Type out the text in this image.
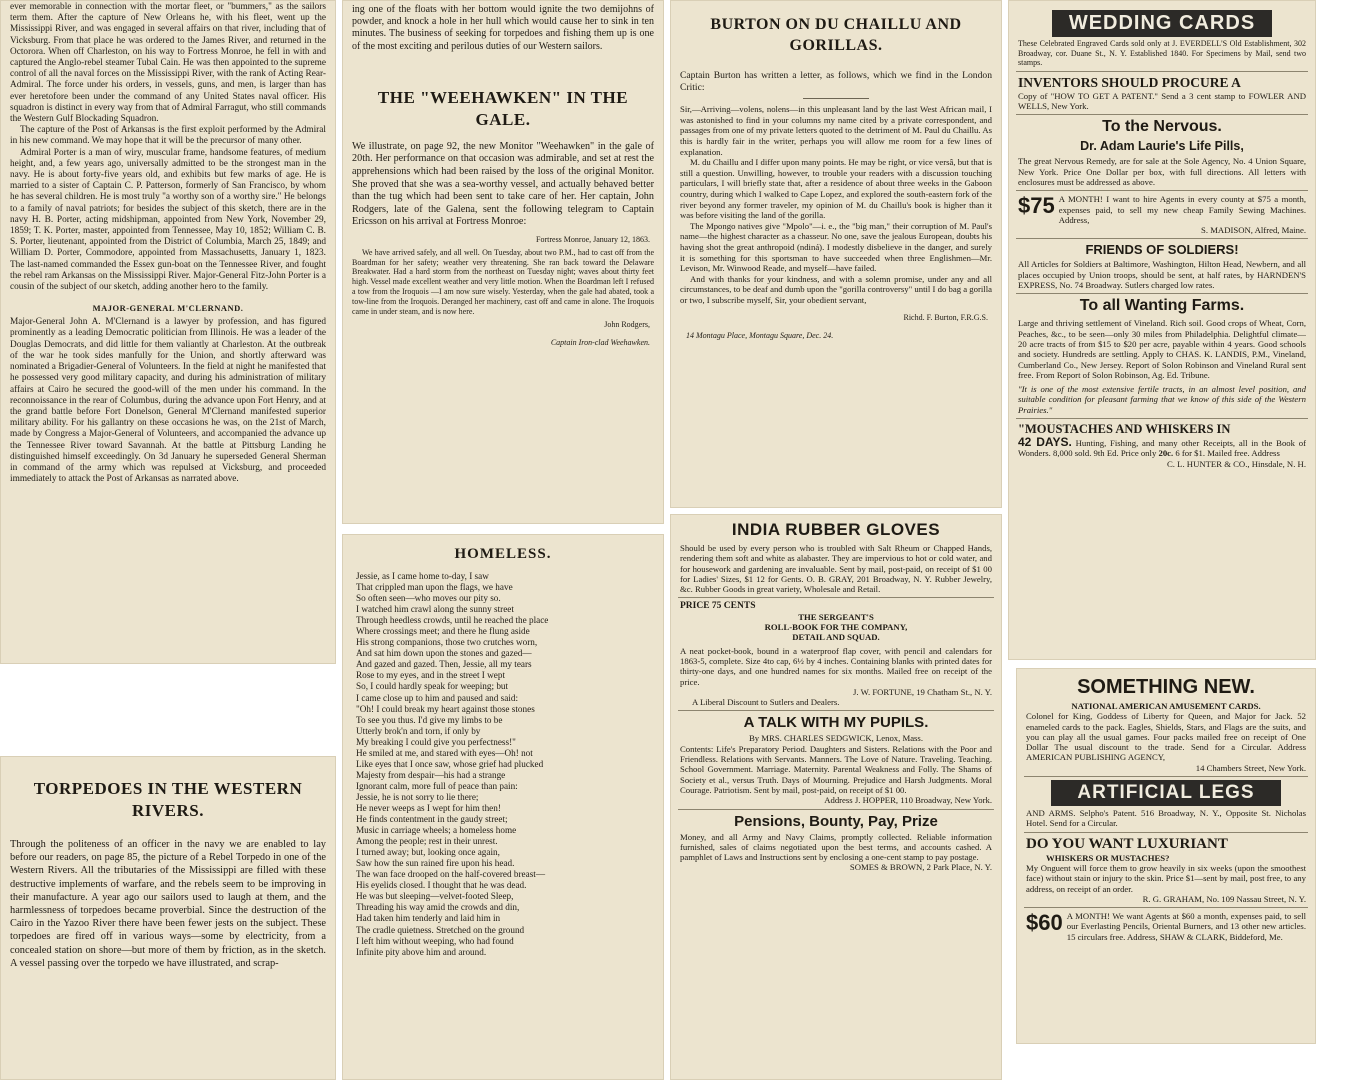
ever memorable in connection with the mortar fleet, or "bummers," as the sailors term them. After the capture of New Orleans he, with his fleet, went up the Mississippi River, and was engaged in several affairs on that river, including that of Vicksburg. From that place he was ordered to the James River, and returned in the Octorora. When off Charleston, on his way to Fortress Monroe, he fell in with and captured the Anglo-rebel steamer Tubal Cain. He was then appointed to the supreme control of all the naval forces on the Mississippi River, with the rank of Acting Rear-Admiral. The force under his orders, in vessels, guns, and men, is larger than has ever heretofore been under the command of any United States naval officer. His squadron is distinct in every way from that of Admiral Farragut, who still commands the Western Gulf Blockading Squadron.

The capture of the Post of Arkansas is the first exploit performed by the Admiral in his new command. We may hope that it will be the precursor of many other.

Admiral Porter is a man of wiry, muscular frame, handsome features, of medium height, and, a few years ago, universally admitted to be the strongest man in the navy. He is about forty-five years old, and exhibits but few marks of age. He is married to a sister of Captain C. P. Patterson, formerly of San Francisco, by whom he has several children. He is most truly "a worthy son of a worthy sire." He belongs to a family of naval patriots; for besides the subject of this sketch, there are in the navy H. B. Porter, acting midshipman, appointed from New York, November 29, 1859; T. K. Porter, master, appointed from Tennessee, May 10, 1852; William C. B. S. Porter, lieutenant, appointed from the District of Columbia, March 25, 1849; and William D. Porter, Commodore, appointed from Massachusetts, January 1, 1823. The last-named commanded the Essex gun-boat on the Tennessee River, and fought the rebel ram Arkansas on the Mississippi River. Major-General Fitz-John Porter is a cousin of the subject of our sketch, adding another hero to the family.

MAJOR-GENERAL M'CLERNAND.

Major-General John A. M'Clernand is a lawyer by profession, and has figured prominently as a leading Democratic politician from Illinois. He was a leader of the Douglas Democrats, and did little for them valiantly at Charleston. At the outbreak of the war he took sides manfully for the Union, and shortly afterward was nominated a Brigadier-General of Volunteers. In the field at night he manifested that he possessed very good military capacity, and during his administration of military affairs at Cairo he secured the good-will of the men under his command. In the reconnoissance in the rear of Columbus, during the advance upon Fort Henry, and at the grand battle before Fort Donelson, General M'Clernand manifested superior military ability. For his gallantry on these occasions he was, on the 21st of March, made by Congress a Major-General of Volunteers, and accompanied the advance up the Tennessee River toward Savannah. At the battle at Pittsburg Landing he distinguished himself exceedingly. On 3d January he superseded General Sherman in command of the army which was repulsed at Vicksburg, and proceeded immediately to attack the Post of Arkansas as narrated above.

TORPEDOES IN THE WESTERN RIVERS.

Through the politeness of an officer in the navy we are enabled to lay before our readers, on page 85, the picture of a Rebel Torpedo in one of the Western Rivers. All the tributaries of the Mississippi are filled with these destructive implements of warfare, and the rebels seem to be improving in their manufacture. A year ago our sailors used to laugh at them, and the harmlessness of torpedoes became proverbial. Since the destruction of the Cairo in the Yazoo River there have been fewer jests on the subject. These torpedoes are fired off in various ways—some by electricity, from a concealed station on shore—but more of them by friction, as in the sketch. A vessel passing over the torpedo we have illustrated, and scrap-

ing one of the floats with her bottom would ignite the two demijohns of powder, and knock a hole in her hull which would cause her to sink in ten minutes. The business of seeking for torpedoes and fishing them up is one of the most exciting and perilous duties of our Western sailors.

THE "WEEHAWKEN" IN THE GALE.

We illustrate, on page 92, the new Monitor "Weehawken" in the gale of 20th. Her performance on that occasion was admirable, and set at rest the apprehensions which had been raised by the loss of the original Monitor. She proved that she was a sea-worthy vessel, and actually behaved better than the tug which had been sent to take care of her. Her captain, John Rodgers, late of the Galena, sent the following telegram to Captain Ericsson on his arrival at Fortress Monroe:

Fortress Monroe, January 12, 1863.

We have arrived safely, and all well. On Tuesday, about two P.M., had to cast off from the Boardman for her safety; weather very threatening. She ran back toward the Delaware Breakwater. Had a hard storm from the northeast on Tuesday night; waves about thirty feet high. Vessel made excellent weather and very little motion. When the Boardman left I refused a tow from the Iroquois —I am now sure wisely. Yesterday, when the gale had abated, took a tow-line from the Iroquois. Deranged her machinery, cast off and came in alone. The Iroquois came in under steam, and is now here.

John Rodgers,

Captain Iron-clad Weehawken.

HOMELESS.

Jessie, as I came home to-day, I saw

That crippled man upon the flags, we have

So often seen—who moves our pity so.

I watched him crawl along the sunny street

Through heedless crowds, until he reached the place

Where crossings meet; and there he flung aside

His strong companions, those two crutches worn,

And sat him down upon the stones and gazed—

And gazed and gazed. Then, Jessie, all my tears

Rose to my eyes, and in the street I wept

So, I could hardly speak for weeping; but

I came close up to him and paused and said:

"Oh! I could break my heart against those stones

To see you thus. I'd give my limbs to be

Utterly brok'n and torn, if only by

My breaking I could give you perfectness!"

He smiled at me, and stared with eyes—Oh! not

Like eyes that I once saw, whose grief had plucked

Majesty from despair—his had a strange

Ignorant calm, more full of peace than pain:

Jessie, he is not sorry to lie there;

He never weeps as I wept for him then!

He finds contentment in the gaudy street;

Music in carriage wheels; a homeless home

Among the people; rest in their unrest.

I turned away; but, looking once again,

Saw how the sun rained fire upon his head.

The wan face drooped on the half-covered breast—

His eyelids closed. I thought that he was dead.

He was but sleeping—velvet-footed Sleep,

Threading his way amid the crowds and din,

Had taken him tenderly and laid him in

The cradle quietness. Stretched on the ground

I left him without weeping, who had found

Infinite pity above him and around.

BURTON ON DU CHAILLU AND GORILLAS.

Captain Burton has written a letter, as follows, which we find in the London Critic:

Sir,—Arriving—volens, nolens—in this unpleasant land by the last West African mail, I was astonished to find in your columns my name cited by a private correspondent, and passages from one of my private letters quoted to the detriment of M. Paul du Chaillu. As this is hardly fair in the writer, perhaps you will allow me room for a few lines of explanation.

M. du Chaillu and I differ upon many points. He may be right, or vice versâ, but that is still a question. Unwilling, however, to trouble your readers with a discussion touching particulars, I will briefly state that, after a residence of about three weeks in the Gaboon country, during which I walked to Cape Lopez, and explored the south-eastern fork of the river beyond any former traveler, my opinion of M. du Chaillu's book is higher than it was before visiting the land of the gorilla.

The Mpongo natives give "Mpolo"—i. e., the "big man," their corruption of M. Paul's name—the highest character as a chasseur. No one, save the jealous European, doubts his having shot the great anthropoid (ndiná). I modestly disbelieve in the danger, and surely it is something for this sportsman to have succeeded when three Englishmen—Mr. Levison, Mr. Winwood Reade, and myself—have failed.

And with thanks for your kindness, and with a solemn promise, under any and all circumstances, to be deaf and dumb upon the "gorilla controversy" until I do bag a gorilla or two, I subscribe myself, Sir, your obedient servant,

Richd. F. Burton, F.R.G.S.

14 Montagu Place, Montagu Square, Dec. 24.

INDIA RUBBER GLOVES

Should be used by every person who is troubled with Salt Rheum or Chapped Hands, rendering them soft and white as alabaster. They are impervious to hot or cold water, and for housework and gardening are invaluable. Sent by mail, post-paid, on receipt of $1 00 for Ladies' Sizes, $1 12 for Gents. O. B. GRAY, 201 Broadway, N. Y. Rubber Jewelry, &c. Rubber Goods in great variety, Wholesale and Retail.

PRICE 75 CENTS

THE SERGEANT'S

ROLL-BOOK FOR THE COMPANY,

DETAIL AND SQUAD.

A neat pocket-book, bound in a waterproof flap cover, with pencil and calendars for 1863-5, complete. Size 4to cap, 6½ by 4 inches. Containing blanks with printed dates for thirty-one days, and one hundred names for six months. Mailed free on receipt of the price.

J. W. FORTUNE, 19 Chatham St., N. Y.

A Liberal Discount to Sutlers and Dealers.

A TALK WITH MY PUPILS.

By MRS. CHARLES SEDGWICK, Lenox, Mass.

Contents: Life's Preparatory Period. Daughters and Sisters. Relations with the Poor and Friendless. Relations with Servants. Manners. The Love of Nature. Traveling. Teaching. School Government. Marriage. Maternity. Parental Weakness and Folly. The Shams of Society et al., versus Truth. Days of Mourning. Prejudice and Harsh Judgments. Moral Courage. Patriotism. Sent by mail, post-paid, on receipt of $1 00.

Address J. HOPPER, 110 Broadway, New York.

Pensions, Bounty, Pay, Prize

Money, and all Army and Navy Claims, promptly collected. Reliable information furnished, sales of claims negotiated upon the best terms, and accounts cashed. A pamphlet of Laws and Instructions sent by enclosing a one-cent stamp to pay postage.

SOMES & BROWN, 2 Park Place, N. Y.

WEDDING CARDS

These Celebrated Engraved Cards sold only at J. EVERDELL'S Old Establishment, 302 Broadway, cor. Duane St., N. Y. Established 1840. For Specimens by Mail, send two stamps.

INVENTORS SHOULD PROCURE A

Copy of "HOW TO GET A PATENT." Send a 3 cent stamp to FOWLER AND WELLS, New York.

To the Nervous.

Dr. Adam Laurie's Life Pills,

The great Nervous Remedy, are for sale at the Sole Agency, No. 4 Union Square, New York. Price One Dollar per box, with full directions. All letters with enclosures must be addressed as above.

$75 A MONTH! I want to hire Agents in every county at $75 a month, expenses paid, to sell my new cheap Family Sewing Machines. Address,

S. MADISON, Alfred, Maine.

FRIENDS OF SOLDIERS!

All Articles for Soldiers at Baltimore, Washington, Hilton Head, Newbern, and all places occupied by Union troops, should be sent, at half rates, by HARNDEN'S EXPRESS, No. 74 Broadway. Sutlers charged low rates.

To all Wanting Farms.

Large and thriving settlement of Vineland. Rich soil. Good crops of Wheat, Corn, Peaches, &c., to be seen—only 30 miles from Philadelphia. Delightful climate—20 acre tracts of from $15 to $20 per acre, payable within 4 years. Good schools and society. Hundreds are settling. Apply to CHAS. K. LANDIS, P.M., Vineland, Cumberland Co., New Jersey. Report of Solon Robinson and Vineland Rural sent free. From Report of Solon Robinson, Ag. Ed. Tribune.

"It is one of the most extensive fertile tracts, in an almost level position, and suitable condition for pleasant farming that we know of this side of the Western Prairies."

"MOUSTACHES AND WHISKERS IN

42 DAYS. Hunting, Fishing, and many other Receipts, all in the Book of Wonders. 8,000 sold. 9th Ed. Price only 20c. 6 for $1. Mailed free. Address

C. L. HUNTER & CO., Hinsdale, N. H.

SOMETHING NEW.

NATIONAL AMERICAN AMUSEMENT CARDS.

Colonel for King, Goddess of Liberty for Queen, and Major for Jack. 52 enameled cards to the pack. Eagles, Shields, Stars, and Flags are the suits, and you can play all the usual games. Four packs mailed free on receipt of One Dollar The usual discount to the trade. Send for a Circular. Address AMERICAN PUBLISHING AGENCY,

14 Chambers Street, New York.

ARTIFICIAL LEGS

AND ARMS. Selpho's Patent. 516 Broadway, N. Y., Opposite St. Nicholas Hotel. Send for a Circular.

DO YOU WANT LUXURIANT

WHISKERS OR MUSTACHES?

My Onguent will force them to grow heavily in six weeks (upon the smoothest face) without stain or injury to the skin. Price $1—sent by mail, post free, to any address, on receipt of an order.

R. G. GRAHAM, No. 109 Nassau Street, N. Y.

$60 A MONTH! We want Agents at $60 a month, expenses paid, to sell our Everlasting Pencils, Oriental Burners, and 13 other new articles. 15 circulars free. Address, SHAW & CLARK, Biddeford, Me.
